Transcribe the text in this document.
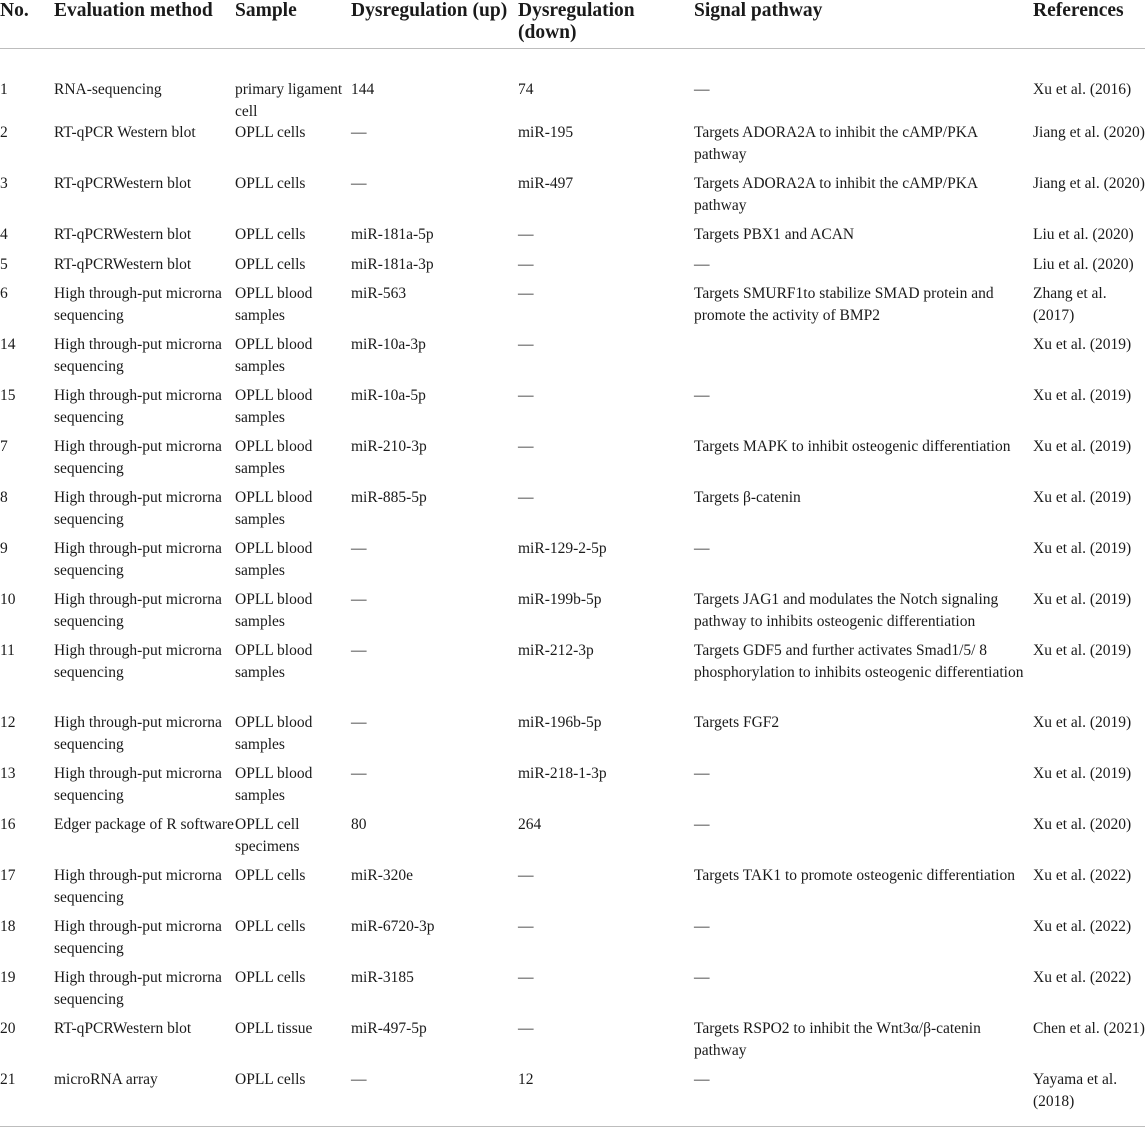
No.	Evaluation method	Sample	Dysregulation (up)	Dysregulation (down)	Signal pathway	References
1	RNA-sequencing	primary ligament cell	144	74	—	Xu et al. (2016)
2	RT-qPCR Western blot	OPLL cells	—	miR-195	Targets ADORA2A to inhibit the cAMP/PKA pathway	Jiang et al. (2020)
3	RT-qPCRWestern blot	OPLL cells	—	miR-497	Targets ADORA2A to inhibit the cAMP/PKA pathway	Jiang et al. (2020)
4	RT-qPCRWestern blot	OPLL cells	miR-181a-5p	—	Targets PBX1 and ACAN	Liu et al. (2020)
5	RT-qPCRWestern blot	OPLL cells	miR-181a-3p	—	—	Liu et al. (2020)
6	High through-put microrna sequencing	OPLL blood samples	miR-563	—	Targets SMURF1to stabilize SMAD protein and promote the activity of BMP2	Zhang et al. (2017)
14	High through-put microrna sequencing	OPLL blood samples	miR-10a-3p	—		Xu et al. (2019)
15	High through-put microrna sequencing	OPLL blood samples	miR-10a-5p	—	—	Xu et al. (2019)
7	High through-put microrna sequencing	OPLL blood samples	miR-210-3p	—	Targets MAPK to inhibit osteogenic differentiation	Xu et al. (2019)
8	High through-put microrna sequencing	OPLL blood samples	miR-885-5p	—	Targets β-catenin	Xu et al. (2019)
9	High through-put microrna sequencing	OPLL blood samples	—	miR-129-2-5p	—	Xu et al. (2019)
10	High through-put microrna sequencing	OPLL blood samples	—	miR-199b-5p	Targets JAG1 and modulates the Notch signaling pathway to inhibits osteogenic differentiation	Xu et al. (2019)
11	High through-put microrna sequencing	OPLL blood samples	—	miR-212-3p	Targets GDF5 and further activates Smad1/5/ 8 phosphorylation to inhibits osteogenic differentiation	Xu et al. (2019)
12	High through-put microrna sequencing	OPLL blood samples	—	miR-196b-5p	Targets FGF2	Xu et al. (2019)
13	High through-put microrna sequencing	OPLL blood samples	—	miR-218-1-3p	—	Xu et al. (2019)
16	Edger package of R software	OPLL cell specimens	80	264	—	Xu et al. (2020)
17	High through-put microrna sequencing	OPLL cells	miR-320e	—	Targets TAK1 to promote osteogenic differentiation	Xu et al. (2022)
18	High through-put microrna sequencing	OPLL cells	miR-6720-3p	—	—	Xu et al. (2022)
19	High through-put microrna sequencing	OPLL cells	miR-3185	—	—	Xu et al. (2022)
20	RT-qPCRWestern blot	OPLL tissue	miR-497-5p	—	Targets RSPO2 to inhibit the Wnt3α/β-catenin pathway	Chen et al. (2021)
21	microRNA array	OPLL cells	—	12	—	Yayama et al. (2018)
